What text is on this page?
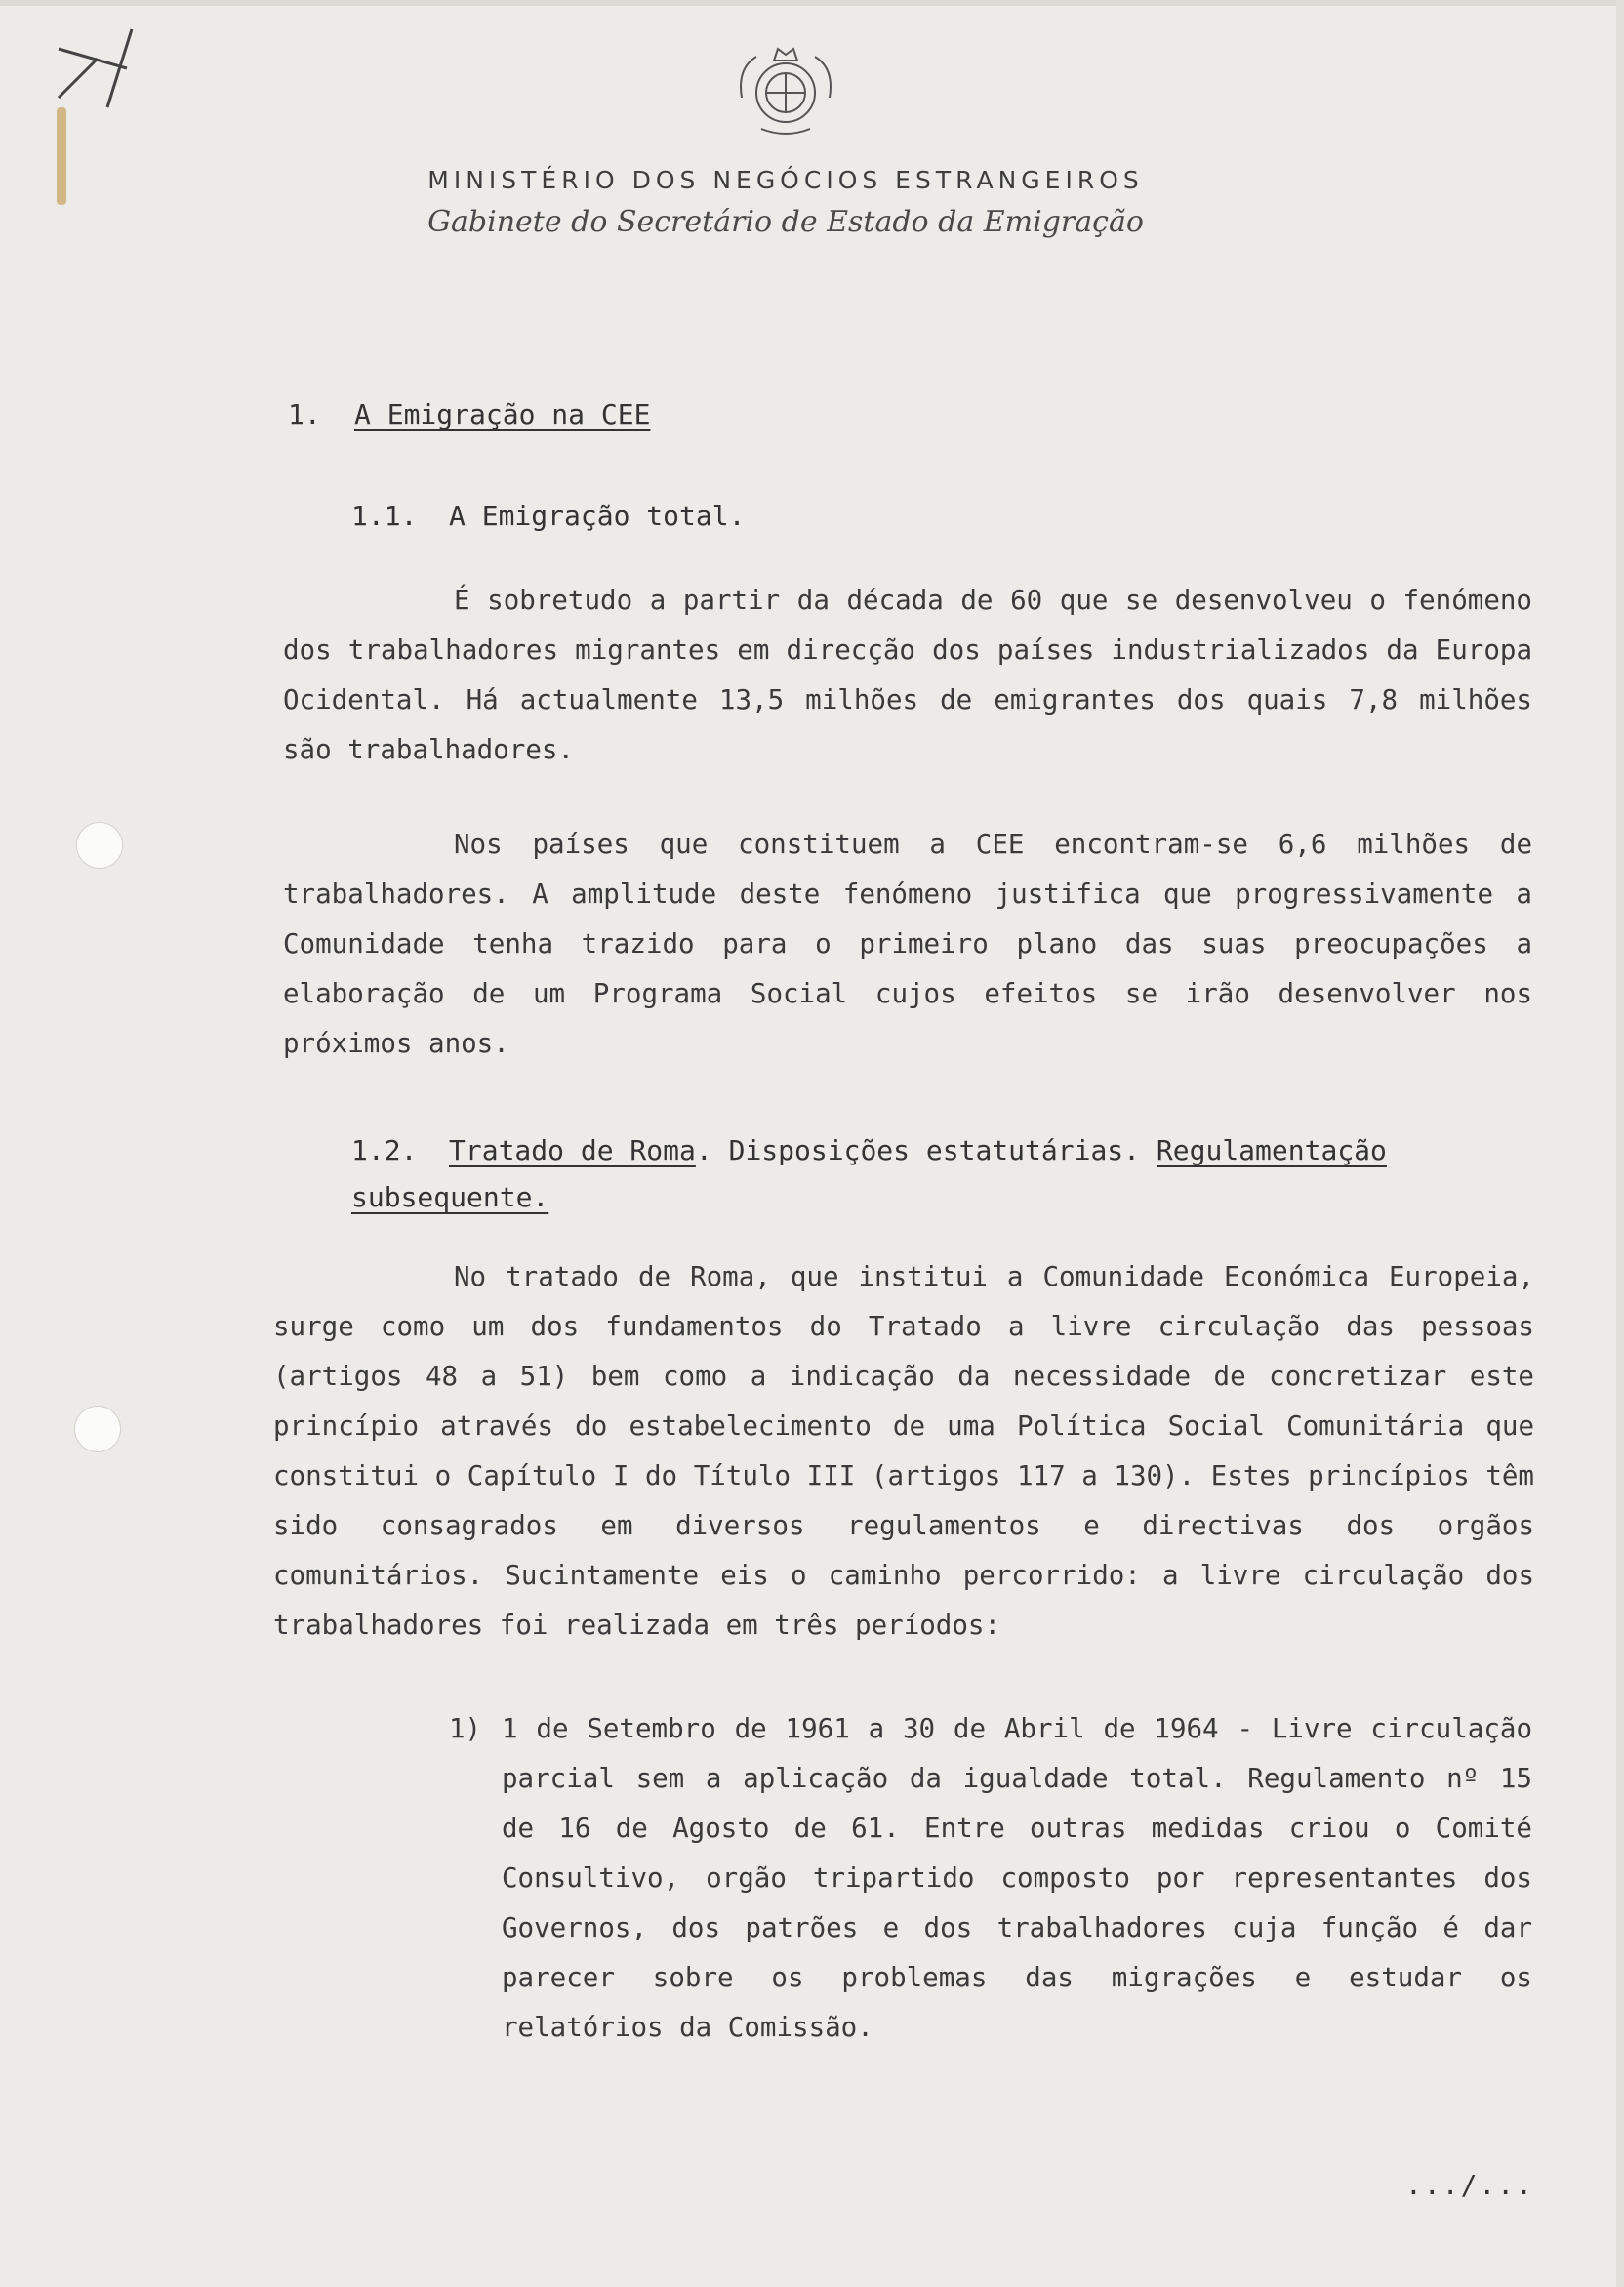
MINISTÉRIO DOS NEGÓCIOS ESTRANGEIROS
Gabinete do Secretário de Estado da Emigração
1. A Emigração na CEE
1.1. A Emigração total.
É sobretudo a partir da década de 60 que se desenvolveu o fenómeno dos trabalhadores migrantes em direcção dos países industrializados da Europa Ocidental. Há actualmente 13,5 milhões de emigrantes dos quais 7,8 milhões são trabalhadores.
Nos países que constituem a CEE encontram-se 6,6 milhões de trabalhadores. A amplitude deste fenómeno justifica que progressivamente a Comunidade tenha trazido para o primeiro plano das suas preocupações a elaboração de um Programa Social cujos efeitos se irão desenvolver nos próximos anos.
1.2. Tratado de Roma. Disposições estatutárias. Regulamentação subsequente.
No tratado de Roma, que institui a Comunidade Económica Europeia, surge como um dos fundamentos do Tratado a livre circulação das pessoas (artigos 48 a 51) bem como a indicação da necessidade de concretizar este princípio através do estabelecimento de uma Política Social Comunitária que constitui o Capítulo I do Título III (artigos 117 a 130). Estes princípios têm sido consagrados em diversos regulamentos e directivas dos orgãos comunitários. Sucintamente eis o caminho percorrido: a livre circulação dos trabalhadores foi realizada em três períodos:
1) 1 de Setembro de 1961 a 30 de Abril de 1964 - Livre circulação parcial sem a aplicação da igualdade total. Regulamento nº 15 de 16 de Agosto de 61. Entre outras medidas criou o Comité Consultivo, orgão tripartido composto por representantes dos Governos, dos patrões e dos trabalhadores cuja função é dar parecer sobre os problemas das migrações e estudar os relatórios da Comissão.
.../...
